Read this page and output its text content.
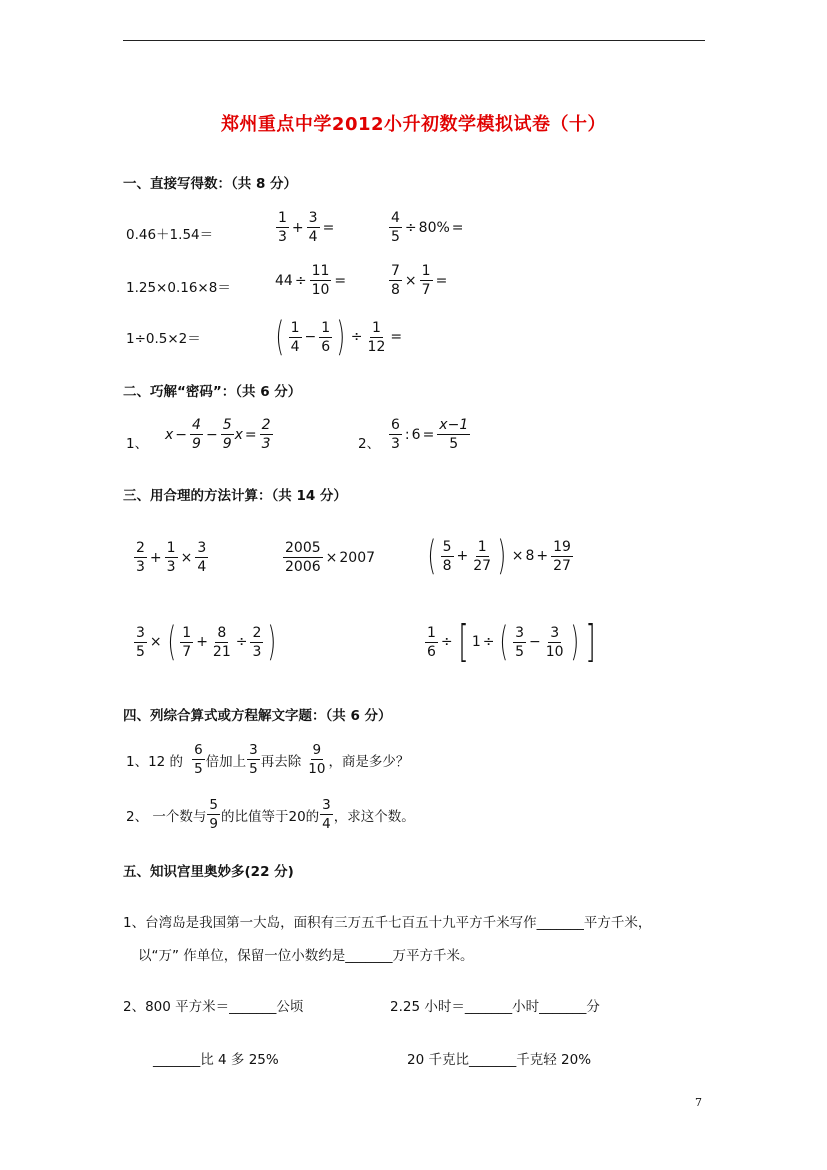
郑州重点中学2012小升初数学模拟试卷（十）
一、直接写得数：（共 8 分）
0.46＋1.54＝	$\frac{1}{3} + \frac{3}{4}$ =	$\frac{4}{5} \div 80\%$ =
1.25×0.16×8＝	$44 \div \frac{11}{10}$ =	$\frac{7}{8} \times \frac{1}{7}$ =
1÷0.5×2＝ ( $\frac{1}{4} - \frac{1}{6}$ ) ÷ $\frac{1}{12}$ =
二、巧解“密码”：（共 6 分）
1、
$x - \frac{4}{9} - \frac{5}{9}$ $x = \frac{2}{3}$	2、 $\frac{6}{3}$ : $6 = \frac{x-1}{5}$
三、用合理的方法计算：（共 14 分）
$\frac{2}{3} + \frac{1}{3} \times \frac{3}{4}$	$\frac{2005}{2006} \times 2007$ ( $\frac{5}{8} + \frac{1}{27}$ ) × $8 + \frac{19}{27}$
$\frac{3}{5}$ × ( $\frac{1}{7} + \frac{8}{21} \div \frac{2}{3}$ )	$\frac{1}{6}$ ÷ [ 1 ÷ ( $\frac{3}{5} - \frac{3}{10}$ ) ]
四、列综合算式或方程解文字题：（共 6 分）
1、12 的 $\frac{6}{5}$ 倍加上 $\frac{3}{5}$ 再去除 $\frac{9}{10}$ ，商是多少？
2、 一个数与 $\frac{5}{9}$ 的比值等于20的 $\frac{3}{4}$ ，求这个数。
五、知识宫里奥妙多(22 分)
1、台湾岛是我国第一大岛，面积有三万五千七百五十九平方千米写作_______平方千米，
以“万” 作单位，保留一位小数约是_______万平方千米。
2、800 平方米＝_______公顷	2.25 小时＝_______小时_______分
_______比 4 多 25%	20 千克比_______千克轻 20%
7
